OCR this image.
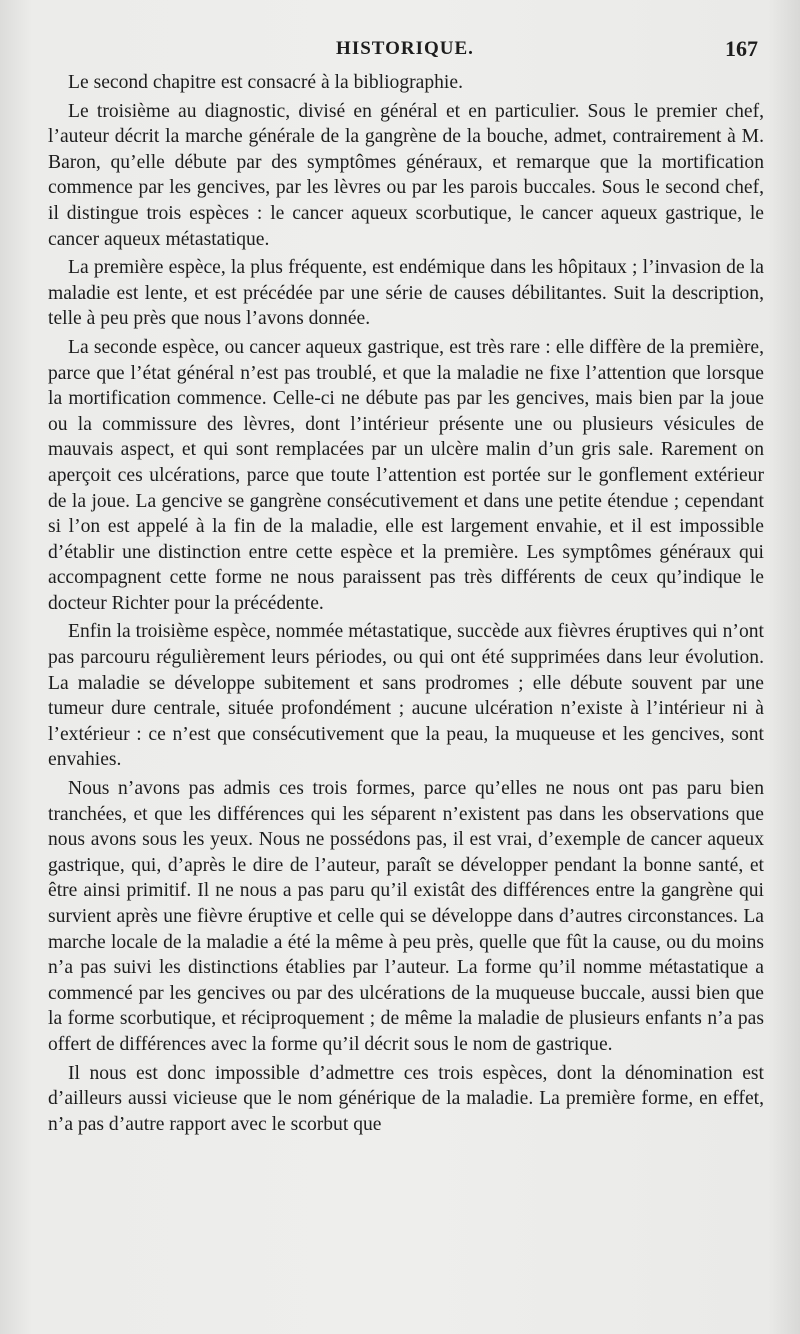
HISTORIQUE.	167

Le second chapitre est consacré à la bibliographie.

Le troisième au diagnostic, divisé en général et en particulier. Sous le premier chef, l’auteur décrit la marche générale de la gangrène de la bouche, admet, contrairement à M. Baron, qu’elle débute par des symptômes généraux, et remarque que la mortification commence par les gencives, par les lèvres ou par les parois buccales. Sous le second chef, il distingue trois espèces : le cancer aqueux scorbutique, le cancer aqueux gastrique, le cancer aqueux métastatique.

La première espèce, la plus fréquente, est endémique dans les hôpitaux ; l’invasion de la maladie est lente, et est précédée par une série de causes débilitantes. Suit la description, telle à peu près que nous l’avons donnée.

La seconde espèce, ou cancer aqueux gastrique, est très rare : elle diffère de la première, parce que l’état général n’est pas troublé, et que la maladie ne fixe l’attention que lorsque la mortification commence. Celle-ci ne débute pas par les gencives, mais bien par la joue ou la commissure des lèvres, dont l’intérieur présente une ou plusieurs vésicules de mauvais aspect, et qui sont remplacées par un ulcère malin d’un gris sale. Rarement on aperçoit ces ulcérations, parce que toute l’attention est portée sur le gonflement extérieur de la joue. La gencive se gangrène consécutivement et dans une petite étendue ; cependant si l’on est appelé à la fin de la maladie, elle est largement envahie, et il est impossible d’établir une distinction entre cette espèce et la première. Les symptômes généraux qui accompagnent cette forme ne nous paraissent pas très différents de ceux qu’indique le docteur Richter pour la précédente.

Enfin la troisième espèce, nommée métastatique, succède aux fièvres éruptives qui n’ont pas parcouru régulièrement leurs périodes, ou qui ont été supprimées dans leur évolution. La maladie se développe subitement et sans prodromes ; elle débute souvent par une tumeur dure centrale, située profondément ; aucune ulcération n’existe à l’intérieur ni à l’extérieur : ce n’est que consécutivement que la peau, la muqueuse et les gencives, sont envahies.

Nous n’avons pas admis ces trois formes, parce qu’elles ne nous ont pas paru bien tranchées, et que les différences qui les séparent n’existent pas dans les observations que nous avons sous les yeux. Nous ne possédons pas, il est vrai, d’exemple de cancer aqueux gastrique, qui, d’après le dire de l’auteur, paraît se développer pendant la bonne santé, et être ainsi primitif. Il ne nous a pas paru qu’il existât des différences entre la gangrène qui survient après une fièvre éruptive et celle qui se développe dans d’autres circonstances. La marche locale de la maladie a été la même à peu près, quelle que fût la cause, ou du moins n’a pas suivi les distinctions établies par l’auteur. La forme qu’il nomme métastatique a commencé par les gencives ou par des ulcérations de la muqueuse buccale, aussi bien que la forme scorbutique, et réciproquement ; de même la maladie de plusieurs enfants n’a pas offert de différences avec la forme qu’il décrit sous le nom de gastrique.

Il nous est donc impossible d’admettre ces trois espèces, dont la dénomination est d’ailleurs aussi vicieuse que le nom générique de la maladie. La première forme, en effet, n’a pas d’autre rapport avec le scorbut que
